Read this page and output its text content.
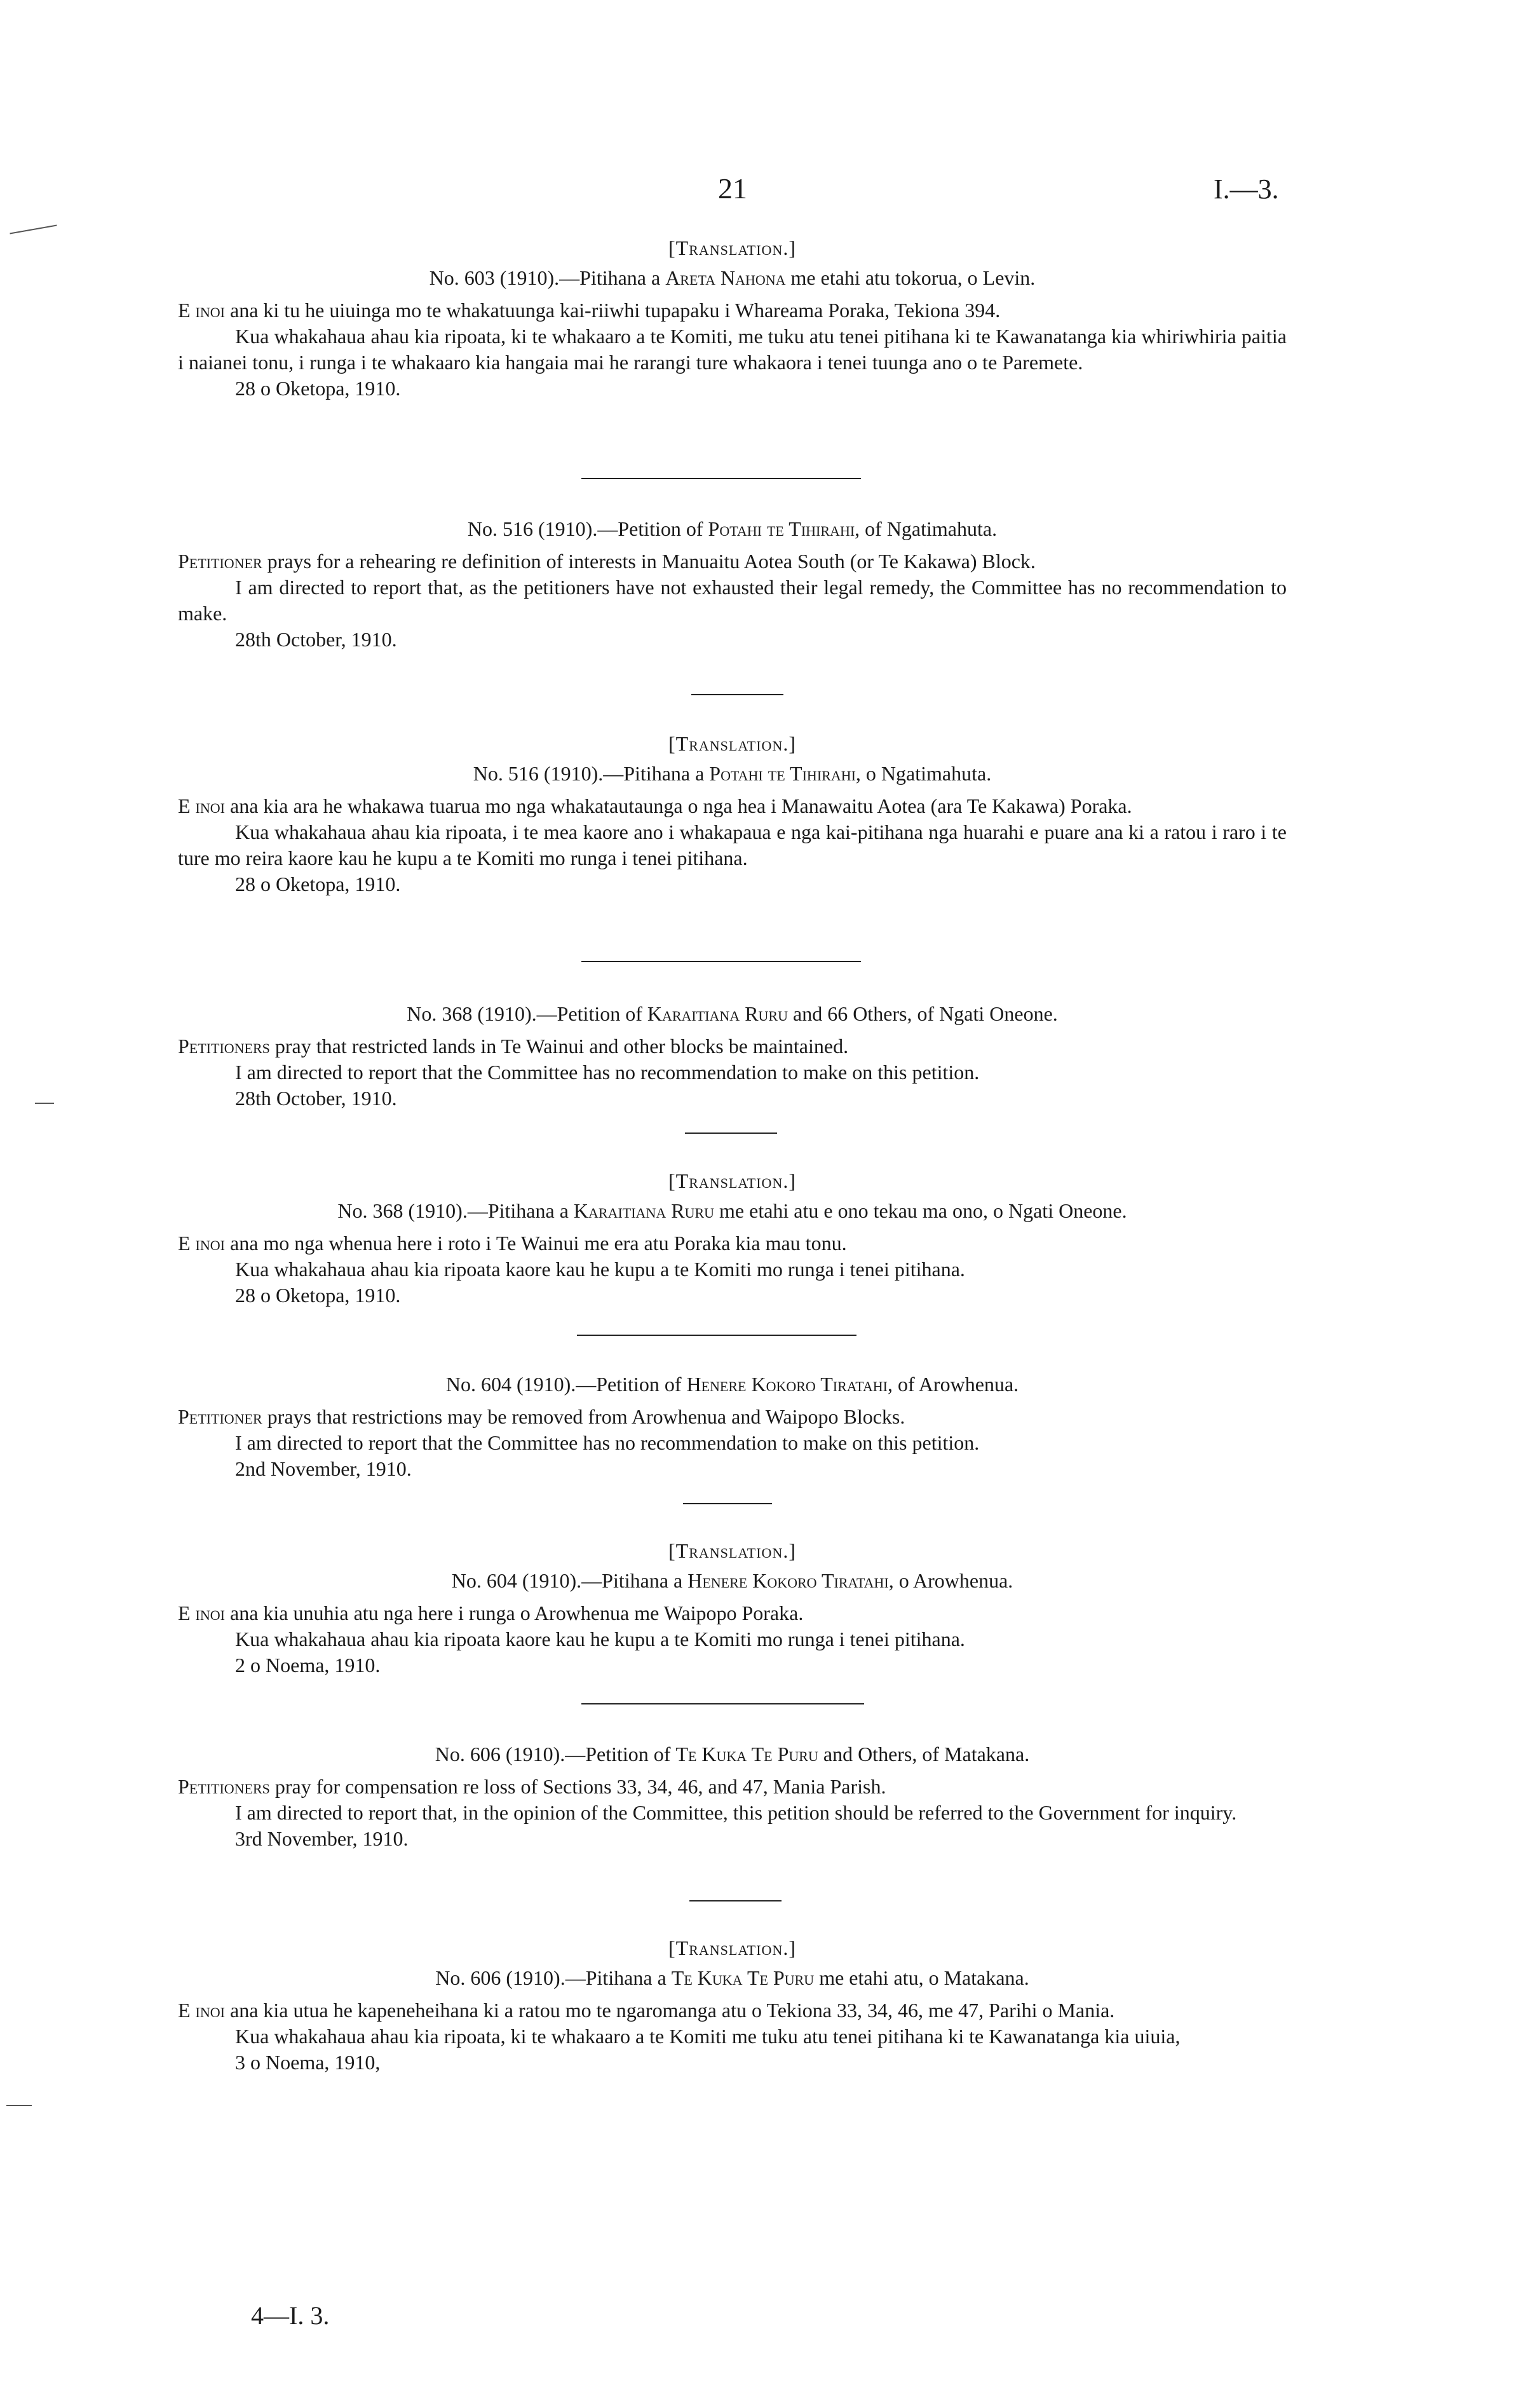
21	I.—3.
[Translation.]
No. 603 (1910).—Pitihana a Areta Nahona me etahi atu tokorua, o Levin.

E inoi ana ki tu he uiuinga mo te whakatuunga kai-riiwhi tupapaku i Whareama Poraka, Tekiona 394.

Kua whakahaua ahau kia ripoata, ki te whakaaro a te Komiti, me tuku atu tenei pitihana ki te Kawanatanga kia whiriwhiria paitia i naianei tonu, i runga i te whakaaro kia hangaia mai he rarangi ture whakaora i tenei tuunga ano o te Paremete.

28 o Oketopa, 1910.

No. 516 (1910).—Petition of Potahi te Tihirahi, of Ngatimahuta.

Petitioner prays for a rehearing re definition of interests in Manuaitu Aotea South (or Te Kakawa) Block.

I am directed to report that, as the petitioners have not exhausted their legal remedy, the Committee has no recommendation to make.

28th October, 1910.

[Translation.]
No. 516 (1910).—Pitihana a Potahi te Tihirahi, o Ngatimahuta.

E inoi ana kia ara he whakawa tuarua mo nga whakatautaunga o nga hea i Manawaitu Aotea (ara Te Kakawa) Poraka.

Kua whakahaua ahau kia ripoata, i te mea kaore ano i whakapaua e nga kai-pitihana nga huarahi e puare ana ki a ratou i raro i te ture mo reira kaore kau he kupu a te Komiti mo runga i tenei pitihana.

28 o Oketopa, 1910.

No. 368 (1910).—Petition of Karaitiana Ruru and 66 Others, of Ngati Oneone.

Petitioners pray that restricted lands in Te Wainui and other blocks be maintained.

I am directed to report that the Committee has no recommendation to make on this petition.

28th October, 1910.

[Translation.]
No. 368 (1910).—Pitihana a Karaitiana Ruru me etahi atu e ono tekau ma ono, o Ngati Oneone.

E inoi ana mo nga whenua here i roto i Te Wainui me era atu Poraka kia mau tonu.

Kua whakahaua ahau kia ripoata kaore kau he kupu a te Komiti mo runga i tenei pitihana.

28 o Oketopa, 1910.

No. 604 (1910).—Petition of Henere Kokoro Tiratahi, of Arowhenua.

Petitioner prays that restrictions may be removed from Arowhenua and Waipopo Blocks.

I am directed to report that the Committee has no recommendation to make on this petition.

2nd November, 1910.

[Translation.]
No. 604 (1910).—Pitihana a Henere Kokoro Tiratahi, o Arowhenua.

E inoi ana kia unuhia atu nga here i runga o Arowhenua me Waipopo Poraka.

Kua whakahaua ahau kia ripoata kaore kau he kupu a te Komiti mo runga i tenei pitihana.

2 o Noema, 1910.

No. 606 (1910).—Petition of Te Kuka Te Puru and Others, of Matakana.

Petitioners pray for compensation re loss of Sections 33, 34, 46, and 47, Mania Parish.

I am directed to report that, in the opinion of the Committee, this petition should be referred to the Government for inquiry.

3rd November, 1910.

[Translation.]
No. 606 (1910).—Pitihana a Te Kuka Te Puru me etahi atu, o Matakana.

E inoi ana kia utua he kapeneheihana ki a ratou mo te ngaromanga atu o Tekiona 33, 34, 46, me 47, Parihi o Mania.

Kua whakahaua ahau kia ripoata, ki te whakaaro a te Komiti me tuku atu tenei pitihana ki te Kawanatanga kia uiuia,

3 o Noema, 1910,

4—I. 3.
